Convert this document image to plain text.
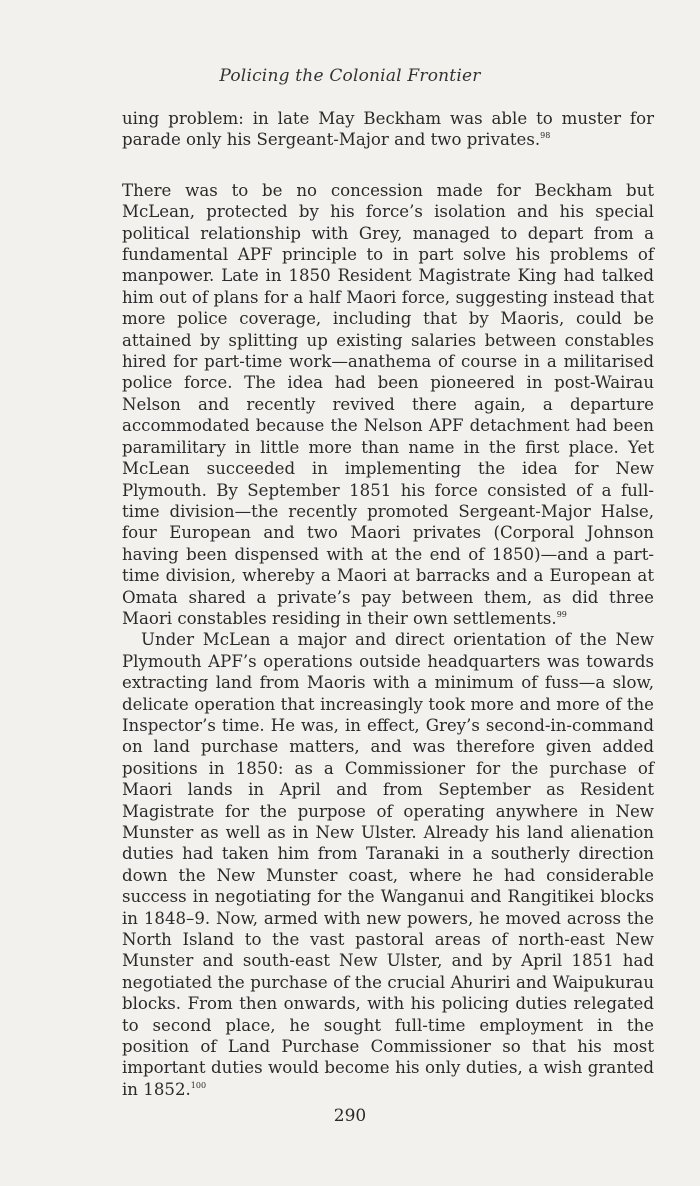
Policing the Colonial Frontier

uing problem: in late May Beckham was able to muster for parade only his Sergeant-Major and two privates.$^{98}$

There was to be no concession made for Beckham but McLean, protected by his force’s isolation and his special political relationship with Grey, managed to depart from a fundamental APF principle to in part solve his problems of manpower. Late in 1850 Resident Magistrate King had talked him out of plans for a half Maori force, suggesting instead that more police coverage, including that by Maoris, could be attained by splitting up existing salaries between constables hired for part-time work—anathema of course in a militarised police force. The idea had been pioneered in post-Wairau Nelson and recently revived there again, a departure accommodated because the Nelson APF detachment had been paramilitary in little more than name in the first place. Yet McLean succeeded in implementing the idea for New Plymouth. By September 1851 his force consisted of a full-time division—the recently promoted Sergeant-Major Halse, four European and two Maori privates (Corporal Johnson having been dispensed with at the end of 1850)—and a part-time division, whereby a Maori at barracks and a European at Omata shared a private’s pay between them, as did three Maori constables residing in their own settlements.$^{99}$

Under McLean a major and direct orientation of the New Plymouth APF’s operations outside headquarters was towards extracting land from Maoris with a minimum of fuss—a slow, delicate operation that increasingly took more and more of the Inspector’s time. He was, in effect, Grey’s second-in-command on land purchase matters, and was therefore given added positions in 1850: as a Commissioner for the purchase of Maori lands in April and from September as Resident Magistrate for the purpose of operating anywhere in New Munster as well as in New Ulster. Already his land alienation duties had taken him from Taranaki in a southerly direction down the New Munster coast, where he had considerable success in negotiating for the Wanganui and Rangitikei blocks in 1848–9. Now, armed with new powers, he moved across the North Island to the vast pastoral areas of north-east New Munster and south-east New Ulster, and by April 1851 had negotiated the purchase of the crucial Ahuriri and Waipukurau blocks. From then onwards, with his policing duties relegated to second place, he sought full-time employment in the position of Land Purchase Commissioner so that his most important duties would become his only duties, a wish granted in 1852.$^{100}$

290
